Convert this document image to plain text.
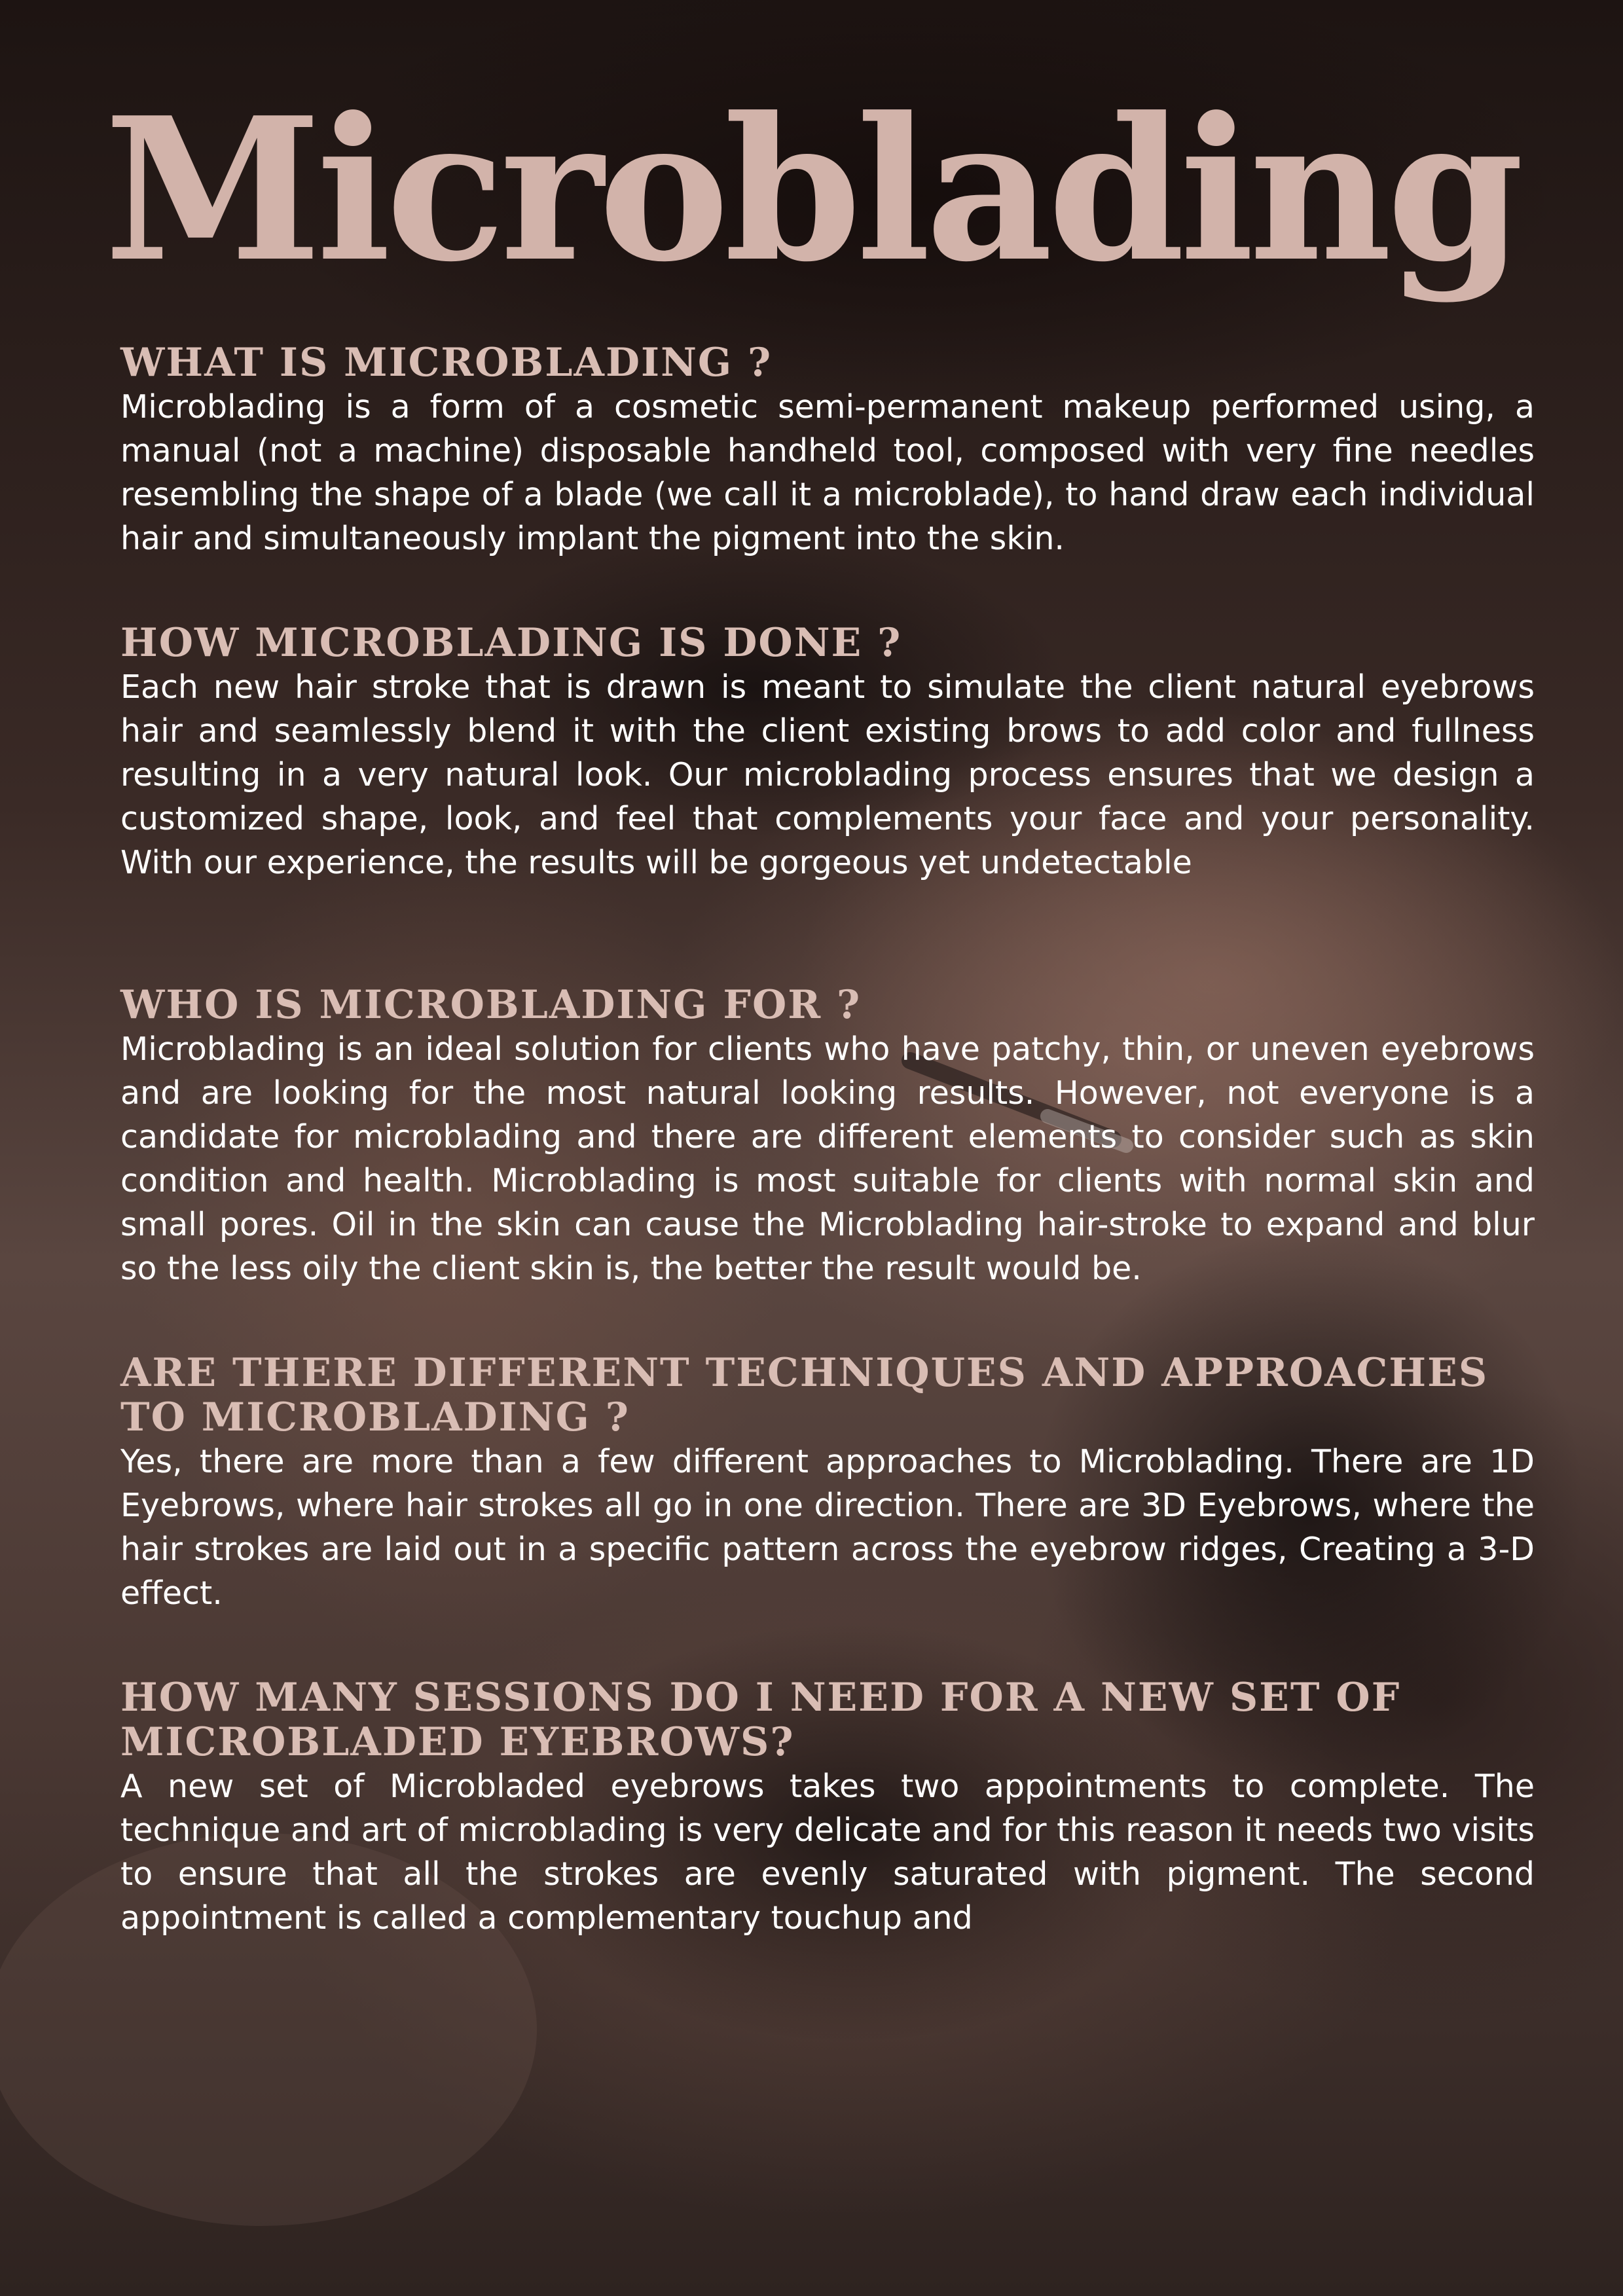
Microblading
WHAT IS MICROBLADING ?

Microblading is a form of a cosmetic semi-permanent makeup performed using, a manual (not a machine) disposable handheld tool, composed with very fine needles resembling the shape of a blade (we call it a microblade), to hand draw each individual hair and simultaneously implant the pigment into the skin.

HOW MICROBLADING IS DONE ?

Each new hair stroke that is drawn is meant to simulate the client natural eyebrows hair and seamlessly blend it with the client existing brows to add color and fullness resulting in a very natural look. Our microblading process ensures that we design a customized shape, look, and feel that complements your face and your personality. With our experience, the results will be gorgeous yet undetectable

WHO IS MICROBLADING FOR ?

Microblading is an ideal solution for clients who have patchy, thin, or uneven eyebrows and are looking for the most natural looking results. However, not everyone is a candidate for microblading and there are different elements to consider such as skin condition and health. Microblading is most suitable for clients with normal skin and small pores. Oil in the skin can cause the Microblading hair-stroke to expand and blur so the less oily the client skin is, the better the result would be.

ARE THERE DIFFERENT TECHNIQUES AND APPROACHES TO MICROBLADING ?

Yes, there are more than a few different approaches to Microblading. There are 1D Eyebrows, where hair strokes all go in one direction. There are 3D Eyebrows, where the hair strokes are laid out in a specific pattern across the eyebrow ridges, Creating a 3-D effect.

HOW MANY SESSIONS DO I NEED FOR A NEW SET OF MICROBLADED EYEBROWS?

A new set of Microbladed eyebrows takes two appointments to complete. The technique and art of microblading is very delicate and for this reason it needs two visits to ensure that all the strokes are evenly saturated with pigment. The second appointment is called a complementary touchup and
